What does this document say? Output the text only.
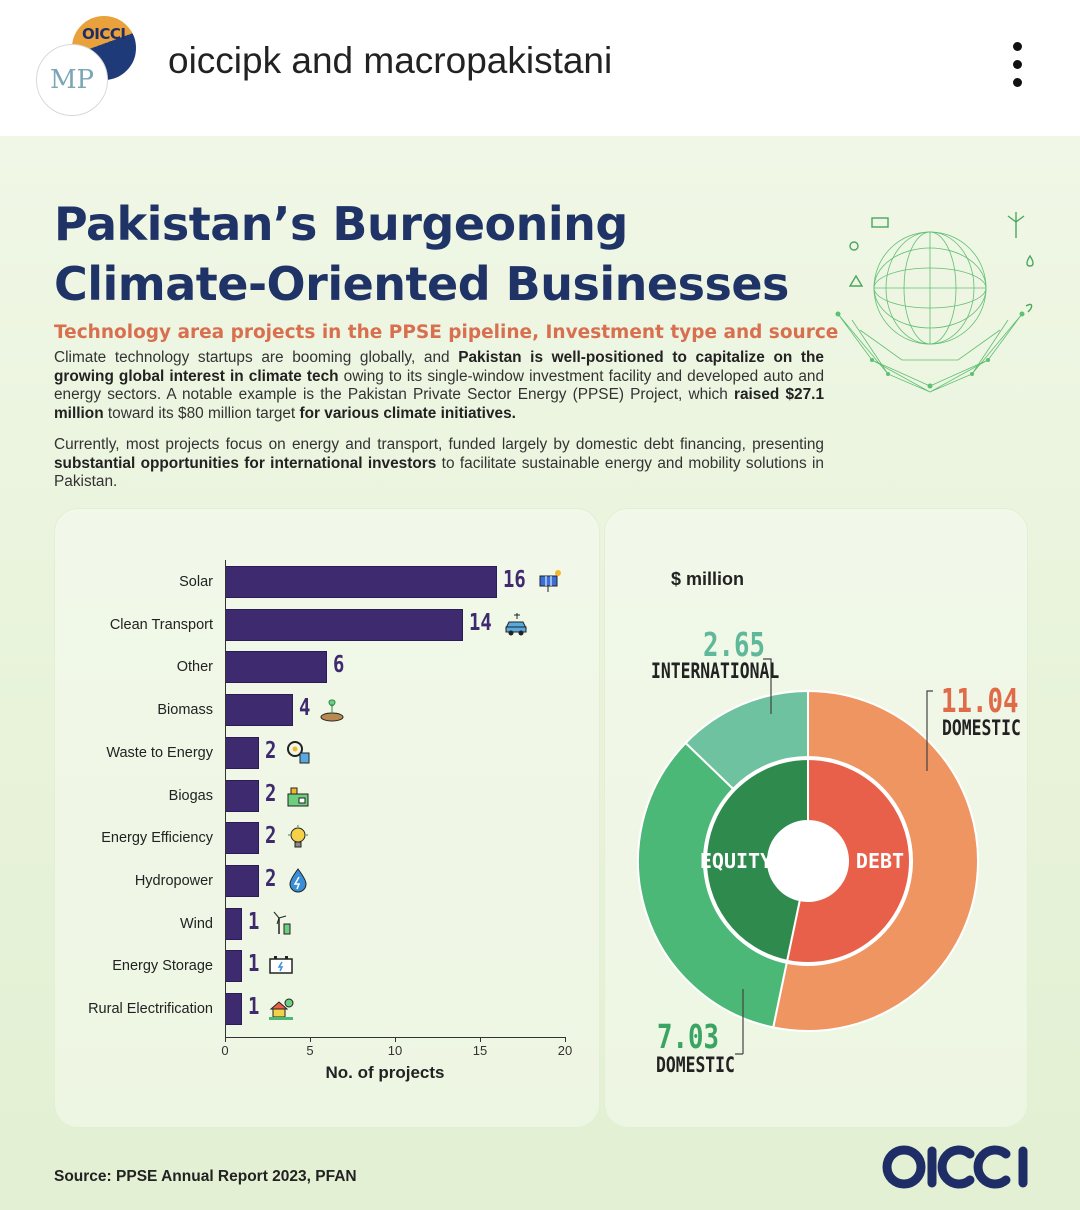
OICCI
MP oiccipk and macropakistani
Pakistan’s Burgeoning
Climate-Oriented Businesses
Technology area projects in the PPSE pipeline, Investment type and source
Climate technology startups are booming globally, and Pakistan is well-positioned to capitalize on the growing global interest in climate tech owing to its single-window investment facility and developed auto and energy sectors. A notable example is the Pakistan Private Sector Energy (PPSE) Project, which raised $27.1 million toward its $80 million target for various climate initiatives.
Currently, most projects focus on energy and transport, funded largely by domestic debt financing, presenting substantial opportunities for international investors to facilitate sustainable energy and mobility solutions in Pakistan.
Solar	16
Clean Transport	14
Other	6
Biomass	4
Waste to Energy 2
Biogas 2
Energy Efficiency 2
Hydropower 2
Wind 1
Energy Storage 1
Rural Electrification 1
0	5	10	15	20
No. of projects
$ million
DEBT
EQUITY
2.65
INTERNATIONAL
11.04
DOMESTIC
7.03
DOMESTIC
Source: PPSE Annual Report 2023, PFAN
